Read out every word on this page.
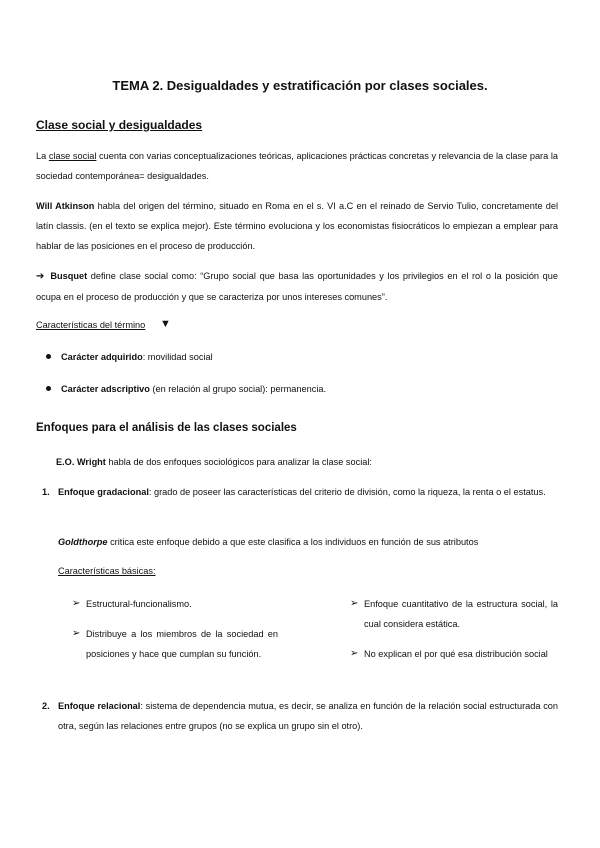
TEMA 2. Desigualdades y estratificación por clases sociales.
Clase social y desigualdades
La clase social cuenta con varias conceptualizaciones teóricas, aplicaciones prácticas concretas y relevancia de la clase para la sociedad contemporánea= desigualdades.
Will Atkinson habla del origen del término, situado en Roma en el s. VI a.C en el reinado de Servio Tulio, concretamente del latín classis. (en el texto se explica mejor). Este término evoluciona y los economistas fisiocráticos lo empiezan a emplear para hablar de las posiciones en el proceso de producción.
➔ Busquet define clase social como: “Grupo social que basa las oportunidades y los privilegios en el rol o la posición que ocupa en el proceso de producción y que se caracteriza por unos intereses comunes”.
Características del término ▼
Carácter adquirido: movilidad social
Carácter adscriptivo (en relación al grupo social): permanencia.
Enfoques para el análisis de las clases sociales
E.O. Wright habla de dos enfoques sociológicos para analizar la clase social:
1. Enfoque gradacional: grado de poseer las características del criterio de división, como la riqueza, la renta o el estatus.
Goldthorpe critica este enfoque debido a que este clasifica a los individuos en función de sus atributos
Características básicas:
➢ Estructural-funcionalismo.
➢ Distribuye a los miembros de la sociedad en posiciones y hace que cumplan su función.
➢ Enfoque cuantitativo de la estructura social, la cual considera estática.
➢ No explican el por qué esa distribución social
2. Enfoque relacional: sistema de dependencia mutua, es decir, se analiza en función de la relación social estructurada con otra, según las relaciones entre grupos (no se explica un grupo sin el otro).
